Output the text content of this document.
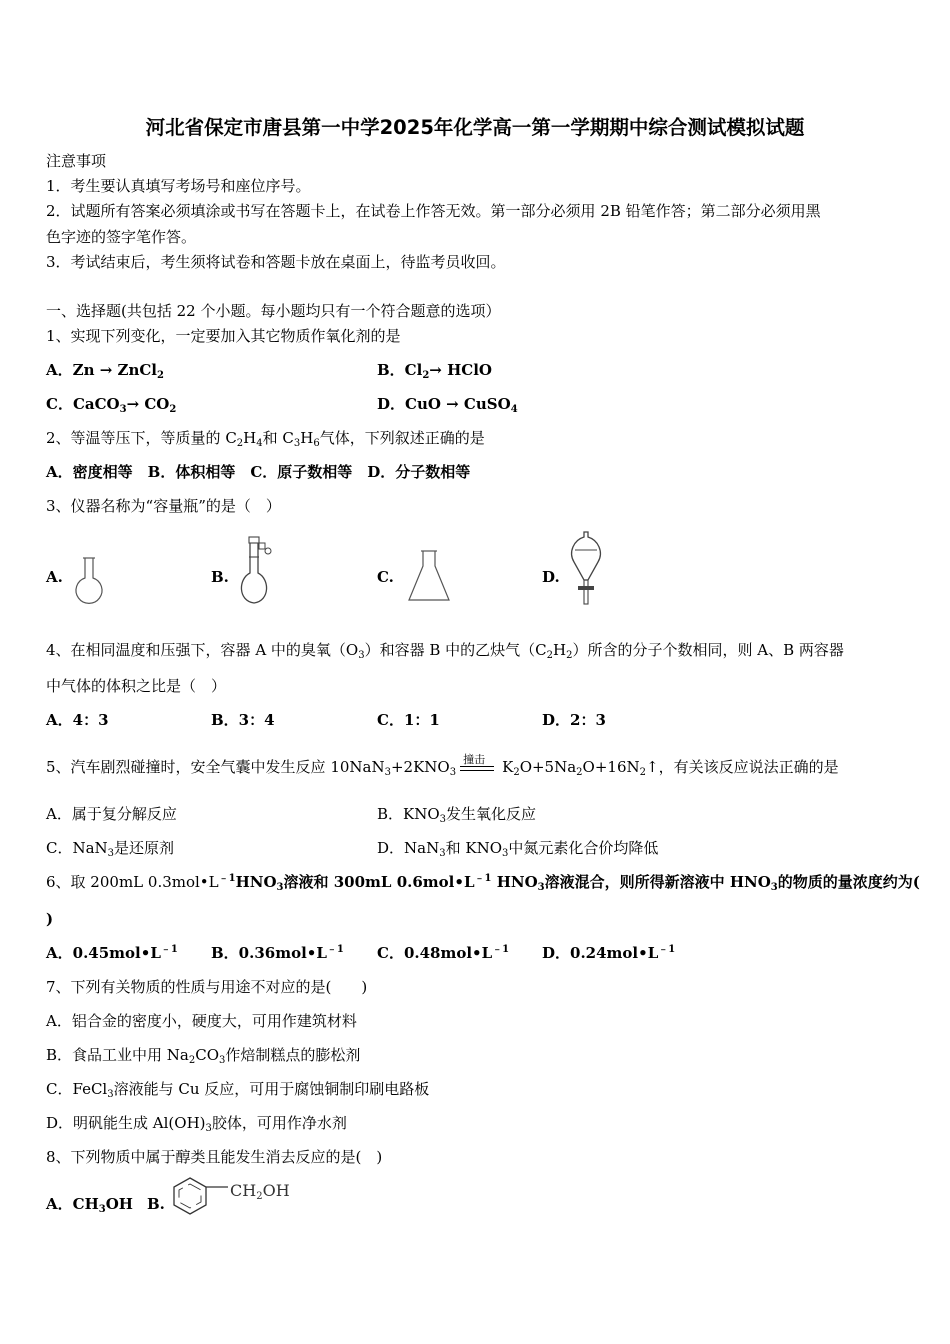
河北省保定市唐县第一中学2025年化学高一第一学期期中综合测试模拟试题
注意事项
1．考生要认真填写考场号和座位序号。
2．试题所有答案必须填涂或书写在答题卡上，在试卷上作答无效。第一部分必须用 2B 铅笔作答；第二部分必须用黑
色字迹的签字笔作答。
3．考试结束后，考生须将试卷和答题卡放在桌面上，待监考员收回。
一、选择题(共包括 22 个小题。每小题均只有一个符合题意的选项）
1、实现下列变化，一定要加入其它物质作氧化剂的是
A．Zn → ZnCl$_2$	B．$Cl_2\to$ HClO
C．CaCO$_3$→ $CO_2$	D．CuO → CuSO$_4$
2、等温等压下，等质量的 $C_2H_4$和 $C_3H_6$气体，下列叙述正确的是
A．密度相等　B．体积相等　C．原子数相等　D．分子数相等
3、仪器名称为“容量瓶”的是（　）
A.	B.	C.	D.
4、在相同温度和压强下，容器 A 中的臭氧$(O_3)$和容器 B 中的乙炔气$(C_2H_2)$所含的分子个数相同，则 A、B 两容器
中气体的体积之比是（　）
A．4：3	B．3：4	C．1：1	D．2：3
5、汽车剧烈碰撞时，安全气囊中发生反应 $10NaN_3+2KNO_3$
撞击 $K_2O+5Na_2O+16N_2↑$，有关该反应说法正确的是
A．属于复分解反应	B．$KNO_3$发生氧化反应
C．NaN$_3$是还原剂	D．NaN$_3$和 $KNO_3$中氮元素化合价均降低
6、取 200mL $0.3mol•L^{﹣1}HNO_3$溶液和 300mL $0.6mol•L^{﹣1}$ $HNO_3$溶液混合，则所得新溶液中 $HNO_3$的物质的量浓度约为(
)
A．$0.45mol•L^{﹣1}$ B．$0.36mol•L^{﹣1}$ C．$0.48mol•L^{﹣1}$ D．$0.24mol•L^{﹣1}$
7、下列有关物质的性质与用途不对应的是(　　)
A．铝合金的密度小，硬度大，可用作建筑材料
B．食品工业中用 $Na_2CO_3$作焙制糕点的膨松剂
C．FeCl$_3$溶液能与 Cu 反应，可用于腐蚀铜制印刷电路板
D．明矾能生成 $Al(OH)_3$胶体，可用作净水剂
8、下列物质中属于醇类且能发生消去反应的是(　)
A．$CH_3OH$ B.
$CH_2OH$
